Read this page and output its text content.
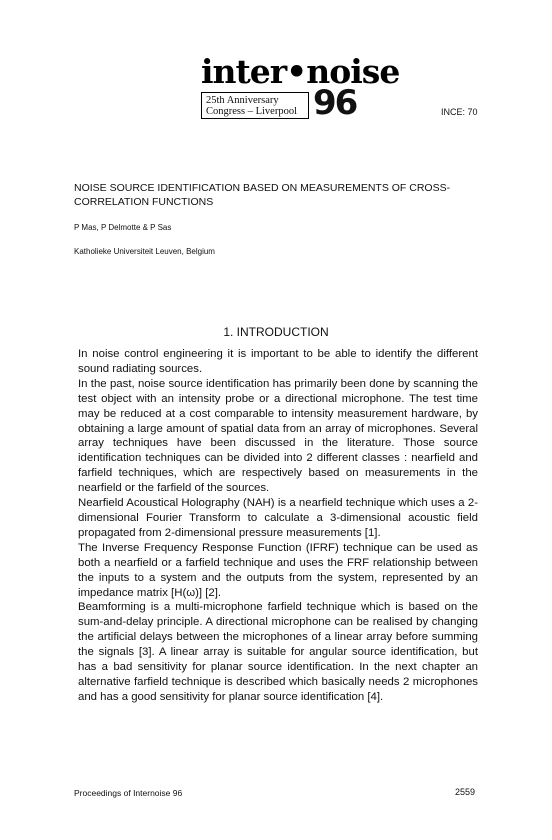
inter•noise
25th Anniversary
Congress – Liverpool 96	INCE: 70
NOISE SOURCE IDENTIFICATION BASED ON MEASUREMENTS OF CROSS-CORRELATION FUNCTIONS
P Mas, P Delmotte & P Sas
Katholieke Universiteit Leuven, Belgium
1. INTRODUCTION

In noise control engineering it is important to be able to identify the different sound radiating sources.

In the past, noise source identification has primarily been done by scanning the test object with an intensity probe or a directional microphone. The test time may be reduced at a cost comparable to intensity measurement hardware, by obtaining a large amount of spatial data from an array of microphones. Several array techniques have been discussed in the literature. Those source identification techniques can be divided into 2 different classes : nearfield and farfield techniques, which are respectively based on measurements in the nearfield or the farfield of the sources.

Nearfield Acoustical Holography (NAH) is a nearfield technique which uses a 2-dimensional Fourier Transform to calculate a 3-dimensional acoustic field propagated from 2-dimensional pressure measurements [1].

The Inverse Frequency Response Function (IFRF) technique can be used as both a nearfield or a farfield technique and uses the FRF relationship between the inputs to a system and the outputs from the system, represented by an impedance matrix [H(ω)] [2].

Beamforming is a multi-microphone farfield technique which is based on the sum-and-delay principle. A directional microphone can be realised by changing the artificial delays between the microphones of a linear array before summing the signals [3]. A linear array is suitable for angular source identification, but has a bad sensitivity for planar source identification. In the next chapter an alternative farfield technique is described which basically needs 2 microphones and has a good sensitivity for planar source identification [4].

Proceedings of Internoise 96	2559
